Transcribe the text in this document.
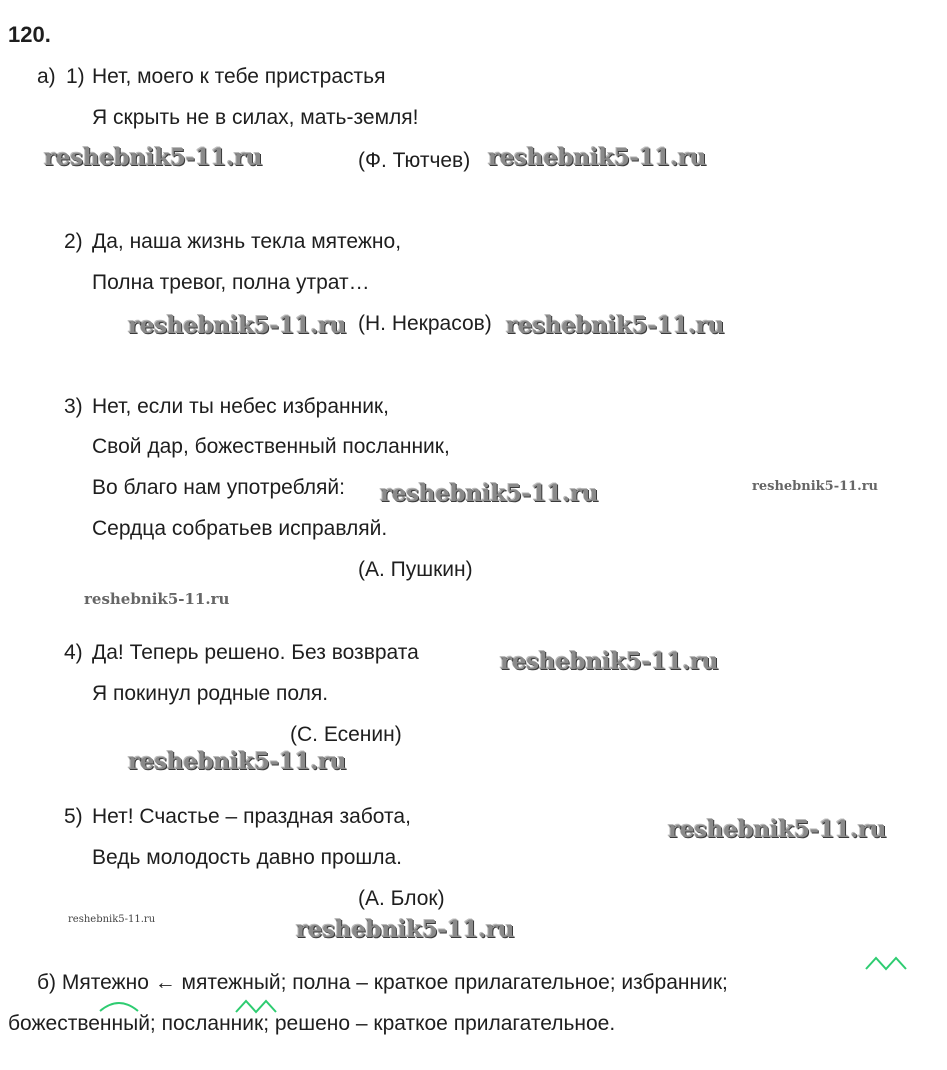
120.
а) 1) Нет, моего к тебе пристрастья
Я скрыть не в силах, мать-земля!
(Ф. Тютчев)
2) Да, наша жизнь текла мятежно,
Полна тревог, полна утрат…
(Н. Некрасов)
3) Нет, если ты небес избранник,
Свой дар, божественный посланник,
Во благо нам употребляй:
Сердца собратьев исправляй.
(А. Пушкин)
4) Да! Теперь решено. Без возврата
Я покинул родные поля.
(С. Есенин)
5) Нет! Счастье – праздная забота,
Ведь молодость давно прошла.
(А. Блок)
б) Мятежно ← мятежный; полна – краткое прилагательное; избранник;
божественный; посланник; решено – краткое прилагательное.
reshebnik5-11.ru	reshebnik5-11.ru
reshebnik5-11.ru	reshebnik5-11.ru
reshebnik5-11.ru	reshebnik5-11.ru
reshebnik5-11.ru
reshebnik5-11.ru
reshebnik5-11.ru
reshebnik5-11.ru
reshebnik5-11.ru	reshebnik5-11.ru
